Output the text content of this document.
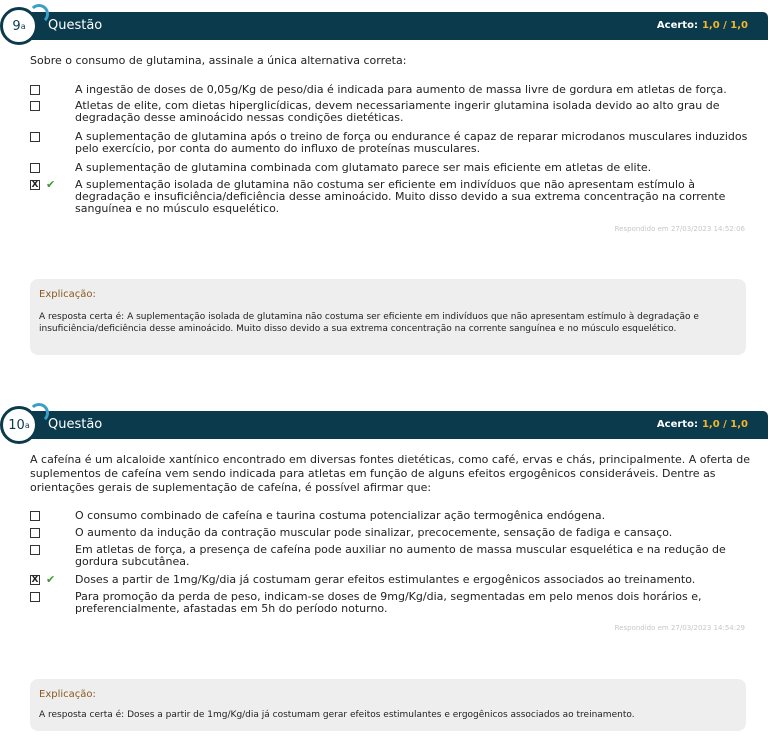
Questão	Acerto: 1,0 / 1,0
9 a
Sobre o consumo de glutamina, assinale a única alternativa correta:
A ingestão de doses de 0,05g/Kg de peso/dia é indicada para aumento de massa livre de gordura em atletas de força.
Atletas de elite, com dietas hiperglicídicas, devem necessariamente ingerir glutamina isolada devido ao alto grau de degradação desse aminoácido nessas condições dietéticas.
A suplementação de glutamina após o treino de força ou endurance é capaz de reparar microdanos musculares induzidos pelo exercício, por conta do aumento do influxo de proteínas musculares.
A suplementação de glutamina combinada com glutamato parece ser mais eficiente em atletas de elite.
X ✔ A suplementação isolada de glutamina não costuma ser eficiente em indivíduos que não apresentam estímulo à degradação e insuficiência/deficiência desse aminoácido. Muito disso devido a sua extrema concentração na corrente sanguínea e no músculo esquelético.
Respondido em 27/03/2023 14:52:06
Explicação:
A resposta certa é: A suplementação isolada de glutamina não costuma ser eficiente em indivíduos que não apresentam estímulo à degradação e insuficiência/deficiência desse aminoácido. Muito disso devido a sua extrema concentração na corrente sanguínea e no músculo esquelético.
Questão	Acerto: 1,0 / 1,0
10 a
A cafeína é um alcaloide xantínico encontrado em diversas fontes dietéticas, como café, ervas e chás, principalmente. A oferta de suplementos de cafeína vem sendo indicada para atletas em função de alguns efeitos ergogênicos consideráveis. Dentre as orientações gerais de suplementação de cafeína, é possível afirmar que:
O consumo combinado de cafeína e taurina costuma potencializar ação termogênica endógena.
O aumento da indução da contração muscular pode sinalizar, precocemente, sensação de fadiga e cansaço.
Em atletas de força, a presença de cafeína pode auxiliar no aumento de massa muscular esquelética e na redução de gordura subcutânea.
X ✔ Doses a partir de 1mg/Kg/dia já costumam gerar efeitos estimulantes e ergogênicos associados ao treinamento.
Para promoção da perda de peso, indicam-se doses de 9mg/Kg/dia, segmentadas em pelo menos dois horários e, preferencialmente, afastadas em 5h do período noturno.
Respondido em 27/03/2023 14:54:29
Explicação:
A resposta certa é: Doses a partir de 1mg/Kg/dia já costumam gerar efeitos estimulantes e ergogênicos associados ao treinamento.
